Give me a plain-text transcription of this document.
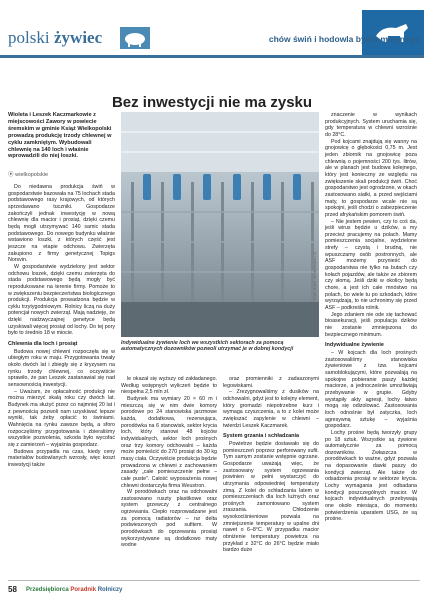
polski żywiec	chów świń i hodowla bydła mięsnego
Bez inwestycji nie ma zysku
Wioleta i Leszek Kaczmarkowie z miejscowości Zawory w powiecie śremskim w gminie Książ Wielkopolski prowadzą produkcję trzody chlewnej w cyklu zamkniętym. Wybudowali chlewnię na 140 loch i właśnie wprowadzili do niej loszki.
⦿ wielkopolskie

Do niedawna produkcja świń w gospodarstwie bazowała na 75 lochach stada podstawowego rasy krajowych, od których sprzedawano tuczniki. Gospodarze zakończyli jednak inwestycję w nową chlewnię dla macior i prosiąt, dzięki czemu będą mogli utrzymywać 140 samic stada podstawowego. Do nowego budynku właśnie wstawiono loszki, z których część jest jeszcze na etapie odchowu. Zwierzęta zakupiono z firmy genetycznej Topigs Norsvin.

W gospodarstwie wydzielony jest sektor odchowu loszek, dzięki czemu zwierzęta do stada podstawowego będą mogły być reprodukowane na terenie firmy. Pomoże to w zwiększeniu bezpieczeństwa biologicznego produkcji. Produkcja prowadzona będzie w cyklu trzytygodniowym. Rolnicy liczą na duży potencjał nowych zwierząt. Mają nadzieję, że dzięki nadzwyczajnej genetyce będą uzyskiwali więcej prosiąt od lochy. Do tej pory było to średnio 18 w miocie.

Chlewnia dla loch i prosiąt

Budowa nowej chlewni rozpoczęła się w ubiegłym roku w maju. Przygotowania trwały około dwóch lat i zbiegły się z kryzysem na rynku trzody chlewnej, co oczywiście sprawiło, że pan Leszek zastanawiał się nad sensownością inwestycji.

– Uważam, że opłacalność produkcji nie można mierzyć skalą roku czy dwóch lat. Budynek ma służyć przez co najmniej 20 lat i z pewnością pozwoli nam uzyskiwać lepsze wyniki, tak żeby opłacić to świniami. Wahnięcia na rynku zawsze będą, a sforo rozpoczęliśmy przygotowania i zbieraliśmy wszystkie pozwolenia, szkoda było wycofać się z zamierzeń – wyjaśnia gospodarz.

Budowa przypadła na czas, kiedy ceny materiałów budowlanych wzrosły, więc koszt inwestycji także

Foto: Anna Wróblewska (2)
Indywidualne żywienie loch we wszystkich sektorach za pomocą automatycznych dozowników pozwoli utrzymać je w dobrej kondycji

le okazał się wyższy od zakładanego. Według wstępnych wyliczeń będzie to niespełna 2,5 mln zł.

Budynek ma wymiary 20 × 60 m i mieszczą się w nim dwie komory porodowe po 24 stanowiska jarzmowe każda, dodatkowa, rezerwująca, porodówka na 6 stanowisk, sektor krycia loch, który stanowi 48 kojców indywidualnych, sektor loch prośnych oraz trzy komory odchowalni – każda może pomieścić do 270 prosiąt do 30 kg masy ciała. Oczywiście produkcja będzie prowadzona w chlewni z zachowaniem zasady „całe pomieszczenie pełne – całe puste”. Całość wyposażenia nowej chlewni dostarczyła firma Weustron.

W porodówkach oraz na odchowalni zastosowano ruszty plastikowe oraz system grzewczy z centralnego ogrzewania. Ciepło rozprowadzane jest za pomocą radiatorów – rur delta podwieszonych pod sufitem. W porodówkach do ogrzewania prosiąt wykorzystywane są dodatkowo maty wodne

oraz promienniki z zadaszonymi legowiskami.

– Zrezygnowaliśmy z dusików na odchowalni, gdyż jest to kolejny element, który gromadzi niepotrzebne kurz i wymaga czyszczenia, a to z kolei może zwiększać zapylenie w chlewni – twierdzi Leszek Kaczmarek.

System grzania i schładzania

Powietrze będzie dostawało się do pomieszczeń poprzez perforowany sufit. Tym samym zostanie wstępnie ogrzane. Gospodarze uważają więc, że zastosowany system ogrzewania powinien w pełni wystarczyć do utrzymania odpowiedniej temperatury zimą. Z kolei do schładzania latem w pomieszczeniach dla loch luźnych oraz prośnych zamontowano system zraszania. Chłodzenie wysokociśnieniowe pozwala na zmniejszenie temperatury w upalne dni nawet o 6–8°C. W przypadku macior obniżenie temperatury powietrza na przykład z 32°C do 26°C będzie miało bardzo duże

znaczenie w wynikach produkcyjnych. System uruchamia się, gdy temperatura w chlewni wzrośnie do 28°C.

Pod kojcami znajdują się wanny na gnojowicę o głębokości 0,75 m. Jest jeden zbiornik na gnojowicę poza chlewnią o pojemności 200 tys. litrów, ale w planach jest budowa kolejnego, który jest konieczny ze względu na zwiększenie skali produkcji świń. Choć gospodarstwo jest ogrodzone, w okach zastosowano siatki, a przed wejściami maty, to gospodarze wcale nie są spokojni, jeśli chodzi o zabezpieczenie przed afrykańskim pomorem świń.

– Nie jestem pewien, czy to coś da, jeśli wirus będzie u dzików, a my przecież pracujemy na polach. Mamy pomieszczenia socjalne, wydzielone strefy – czystą i brudną, nie wpuszczamy osób postronnych, ale ASF możemy przynieść do gospodarstwa nie tylko na butach czy kołach pojazdów, ale także ze zbiorem czy słomą. Jeśli dziki w okolicy będą chore, a jest ich całe mnóstwo na polach, bo wiele tu po szkodach, które wyrządzają, to nie uchronimy się przed ASF – podkreśla rolnik.

Jego zdaniem nie ode się tachować bioasekuracji, jeśli populacja dzików nie zostanie zmniejszona do bezpiecznego minimum.

Indywidualne żywienie

– W kojcach dla loch prośnych zastosowaliśmy stanowiska żywieniowe z tzw. kojcami samoblokującymi, które pozwalają na spokojne pobieranie paszy każdej maciorze, a jednocześnie umożliwiają przebywanie w grupie. Gdyby wystąpiły akty agresji, lochy łatwo mogą się odizolować. Zastosowania loch odnośnie był zatyczka, loch agresywną sztukę – wyjaśnia gospodarz.

Lochy prośne będą tworzyły grupy po 18 sztuk. Wszystkie są żywione automatycznie za pomocą dozowników. Zwłaszcza w porodówkach to ważne, gdyż pozwala na dopasowanie dawki paszy do kondycji zwierząt. Ale także do odsadzenia prosiąt w sektorze krycia. Lochy wymagania jest odbadana kondycji poszczególnych macior. W kojcach indywidualnych przebywają one około miesiąca, do momentu potwierdzenia uparatem USG, że są prośne.

58 Przedsiębiorca Poradnik Rolniczy
